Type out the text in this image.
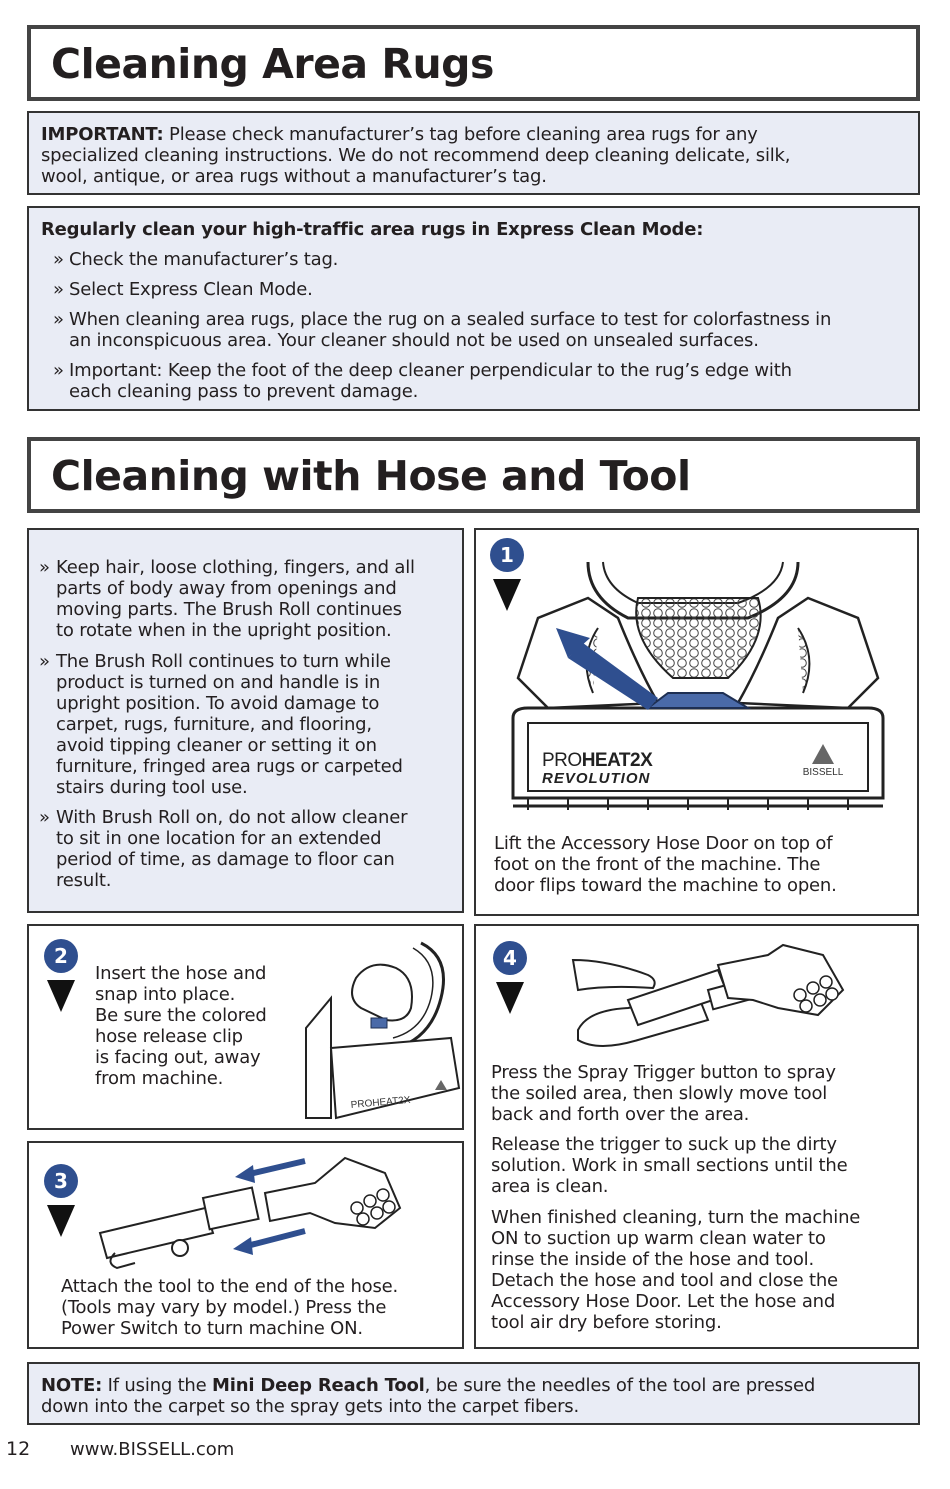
Cleaning Area Rugs
IMPORTANT: Please check manufacturer’s tag before cleaning area rugs for any
specialized cleaning instructions. We do not recommend deep cleaning delicate, silk,
wool, antique, or area rugs without a manufacturer’s tag.
Regularly clean your high-traffic area rugs in Express Clean Mode:
» Check the manufacturer’s tag.
» Select Express Clean Mode.
» When cleaning area rugs, place the rug on a sealed surface to test for colorfastness in
an inconspicuous area. Your cleaner should not be used on unsealed surfaces.
» Important: Keep the foot of the deep cleaner perpendicular to the rug’s edge with
each cleaning pass to prevent damage.
Cleaning with Hose and Tool
» Keep hair, loose clothing, fingers, and all
parts of body away from openings and
moving parts. The Brush Roll continues
to rotate when in the upright position.
» The Brush Roll continues to turn while
product is turned on and handle is in
upright position. To avoid damage to
carpet, rugs, furniture, and flooring,
avoid tipping cleaner or setting it on
furniture, fringed area rugs or carpeted
stairs during tool use.
» With Brush Roll on, do not allow cleaner
to sit in one location for an extended
period of time, as damage to floor can
result.
1
PROHEAT2X
REVOLUTION	BISSELL
Lift the Accessory Hose Door on top of
foot on the front of the machine. The
door flips toward the machine to open.
2
Insert the hose and
snap into place.
Be sure the colored
hose release clip
is facing out, away
from machine.
PROHEAT2X
3
Attach the tool to the end of the hose.
(Tools may vary by model.) Press the
Power Switch to turn machine ON.
4
Press the Spray Trigger button to spray
the soiled area, then slowly move tool
back and forth over the area.
Release the trigger to suck up the dirty
solution. Work in small sections until the
area is clean.
When finished cleaning, turn the machine
ON to suction up warm clean water to
rinse the inside of the hose and tool.
Detach the hose and tool and close the
Accessory Hose Door. Let the hose and
tool air dry before storing.
NOTE: If using the Mini Deep Reach Tool, be sure the needles of the tool are pressed
down into the carpet so the spray gets into the carpet fibers.
12 www.BISSELL.com
